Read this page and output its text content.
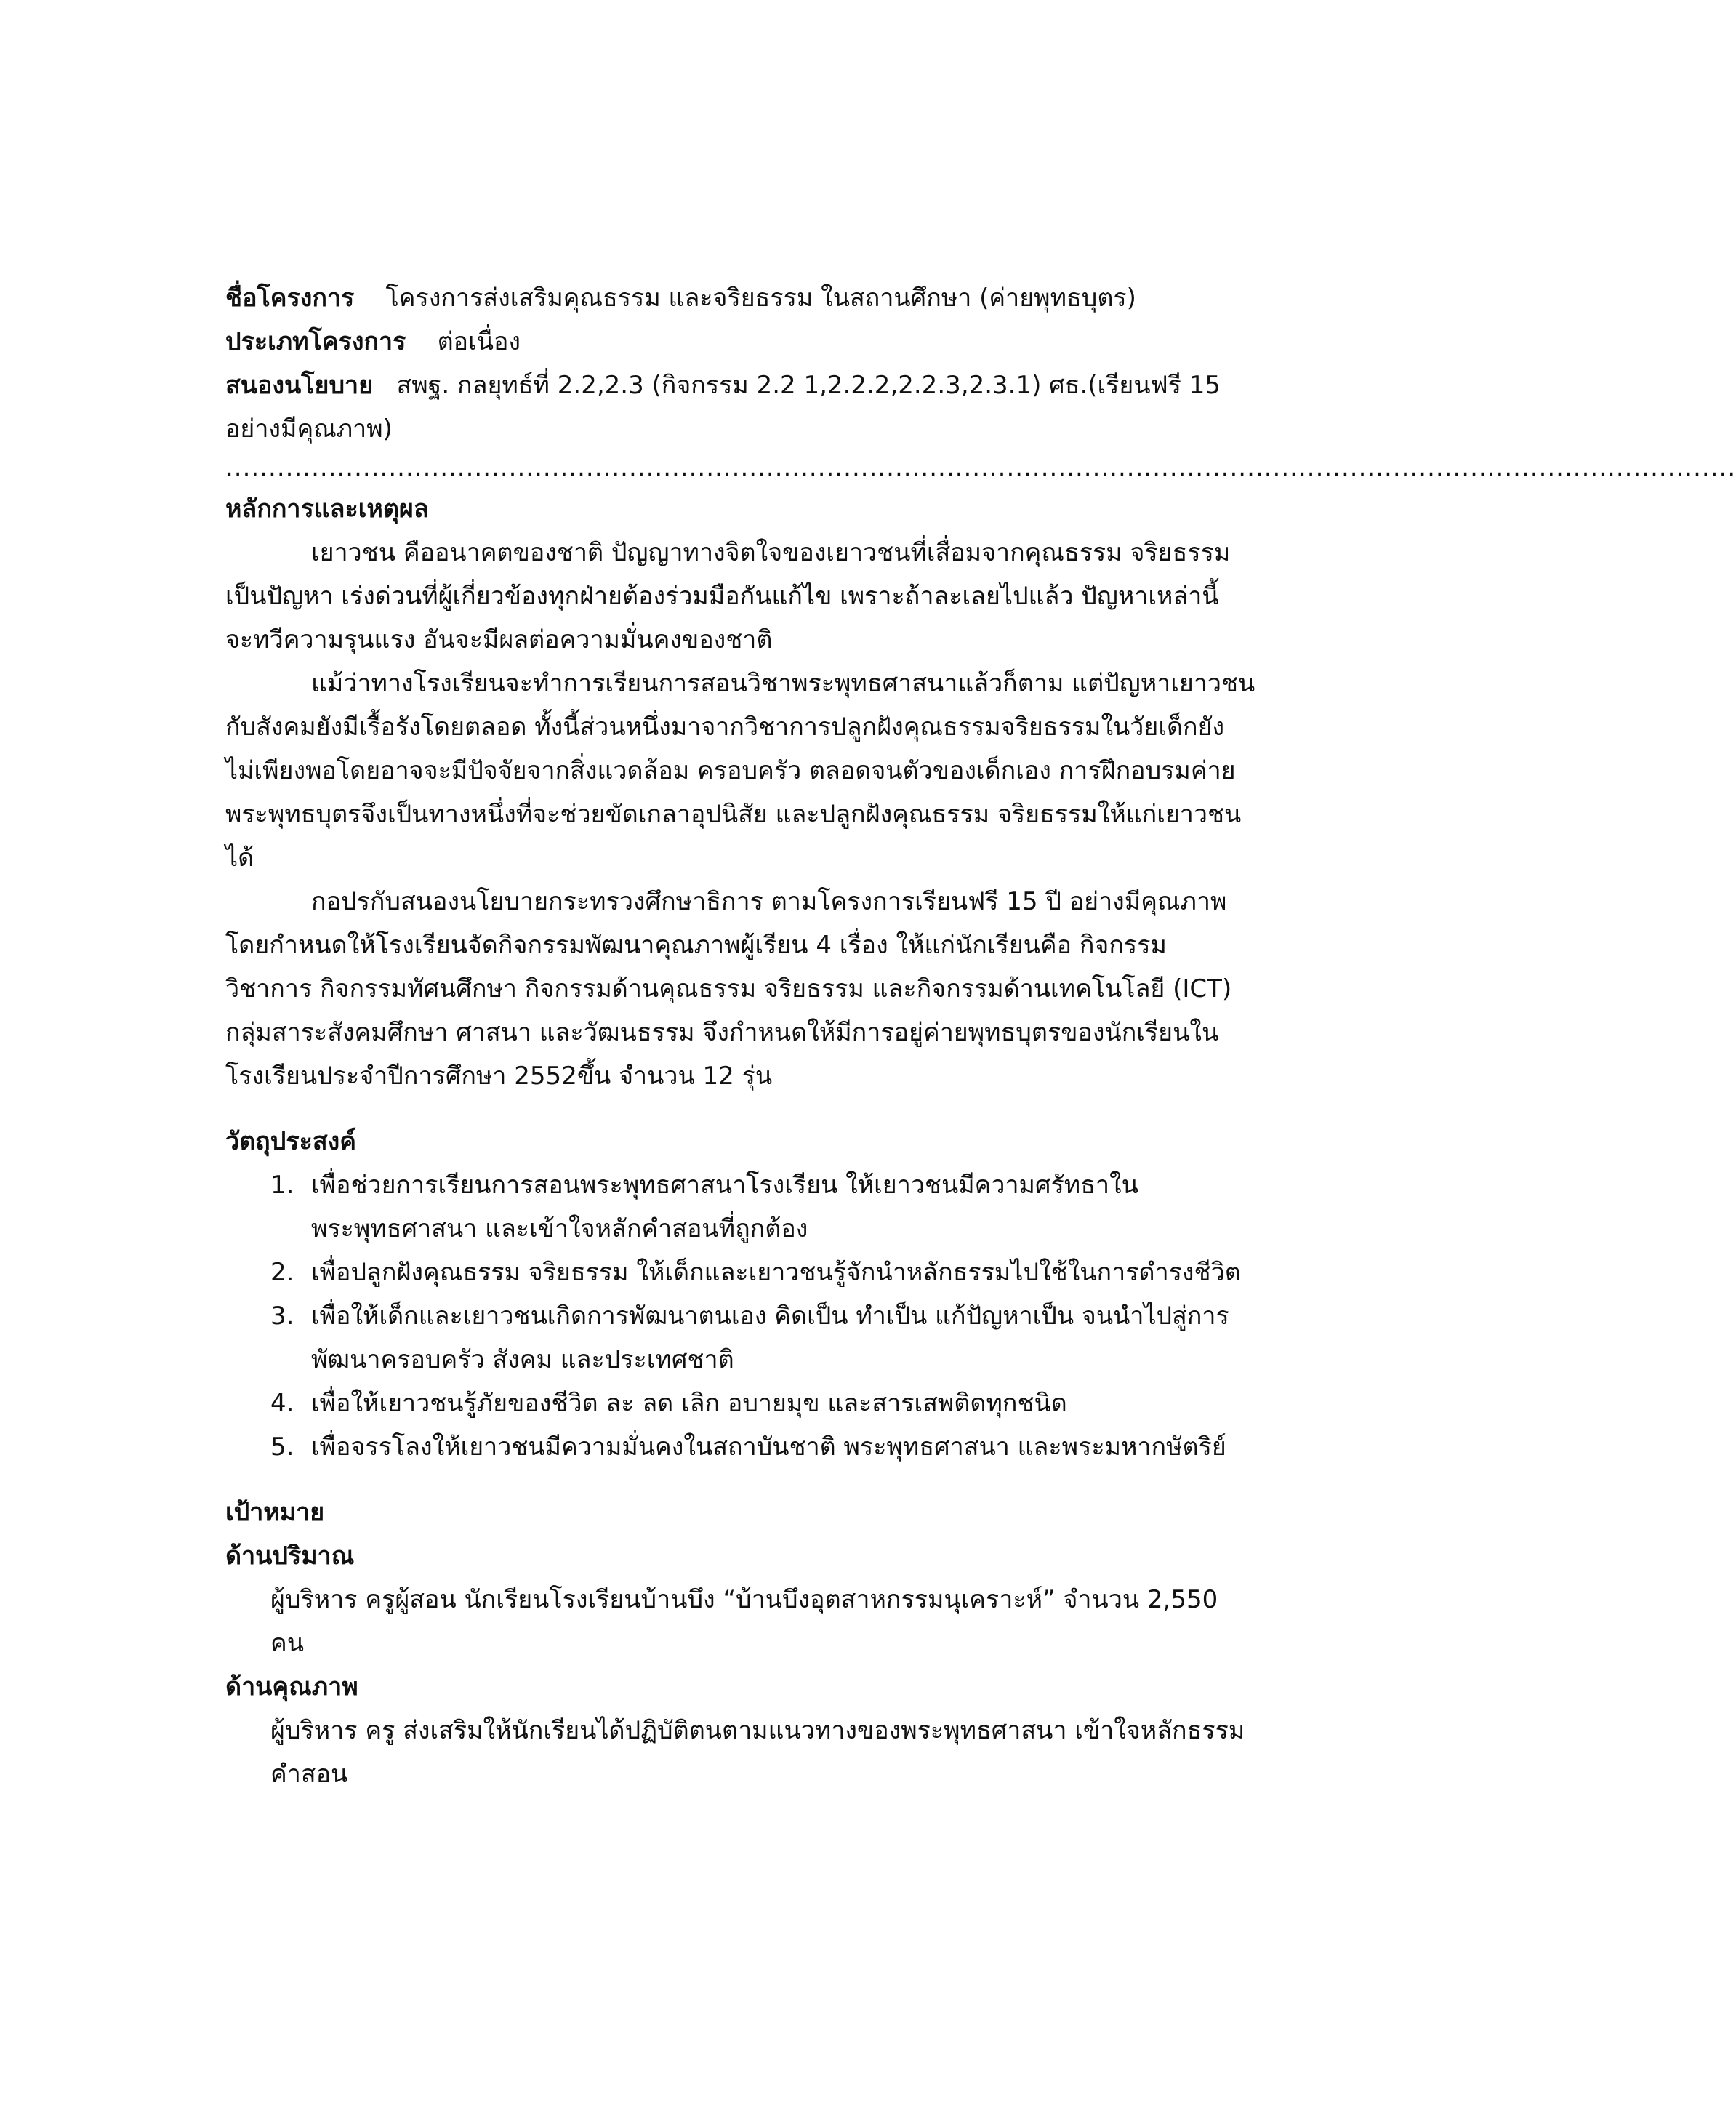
ชื่อโครงการ โครงการส่งเสริมคุณธรรม และจริยธรรม ในสถานศึกษา (ค่ายพุทธบุตร)
ประเภทโครงการ ต่อเนื่อง
สนองนโยบาย สพฐ. กลยุทธ์ที่ 2.2,2.3 (กิจกรรม 2.2 1,2.2.2,2.2.3,2.3.1) ศธ.(เรียนฟรี 15
อย่างมีคุณภาพ)
................................................................................................................................................................................
หลักการและเหตุผล
เยาวชน คืออนาคตของชาติ ปัญญาทางจิตใจของเยาวชนที่เสื่อมจากคุณธรรม จริยธรรม
เป็นปัญหา เร่งด่วนที่ผู้เกี่ยวข้องทุกฝ่ายต้องร่วมมือกันแก้ไข เพราะถ้าละเลยไปแล้ว ปัญหาเหล่านี้
จะทวีความรุนแรง อันจะมีผลต่อความมั่นคงของชาติ
แม้ว่าทางโรงเรียนจะทำการเรียนการสอนวิชาพระพุทธศาสนาแล้วก็ตาม แต่ปัญหาเยาวชน
กับสังคมยังมีเรื้อรังโดยตลอด ทั้งนี้ส่วนหนึ่งมาจากวิชาการปลูกฝังคุณธรรมจริยธรรมในวัยเด็กยัง
ไม่เพียงพอโดยอาจจะมีปัจจัยจากสิ่งแวดล้อม ครอบครัว ตลอดจนตัวของเด็กเอง การฝึกอบรมค่าย
พระพุทธบุตรจึงเป็นทางหนึ่งที่จะช่วยขัดเกลาอุปนิสัย และปลูกฝังคุณธรรม จริยธรรมให้แก่เยาวชน
ได้
กอปรกับสนองนโยบายกระทรวงศึกษาธิการ ตามโครงการเรียนฟรี 15 ปี อย่างมีคุณภาพ
โดยกำหนดให้โรงเรียนจัดกิจกรรมพัฒนาคุณภาพผู้เรียน 4 เรื่อง ให้แก่นักเรียนคือ กิจกรรม
วิชาการ กิจกรรมทัศนศึกษา กิจกรรมด้านคุณธรรม จริยธรรม และกิจกรรมด้านเทคโนโลยี (ICT)
กลุ่มสาระสังคมศึกษา ศาสนา และวัฒนธรรม จึงกำหนดให้มีการอยู่ค่ายพุทธบุตรของนักเรียนใน
โรงเรียนประจำปีการศึกษา 2552ขึ้น จำนวน 12 รุ่น
วัตถุประสงค์
1. เพื่อช่วยการเรียนการสอนพระพุทธศาสนาโรงเรียน ให้เยาวชนมีความศรัทธาใน
พระพุทธศาสนา และเข้าใจหลักคำสอนที่ถูกต้อง
2. เพื่อปลูกฝังคุณธรรม จริยธรรม ให้เด็กและเยาวชนรู้จักนำหลักธรรมไปใช้ในการดำรงชีวิต
3. เพื่อให้เด็กและเยาวชนเกิดการพัฒนาตนเอง คิดเป็น ทำเป็น แก้ปัญหาเป็น จนนำไปสู่การ
พัฒนาครอบครัว สังคม และประเทศชาติ
4. เพื่อให้เยาวชนรู้ภัยของชีวิต ละ ลด เลิก อบายมุข และสารเสพติดทุกชนิด
5. เพื่อจรรโลงให้เยาวชนมีความมั่นคงในสถาบันชาติ พระพุทธศาสนา และพระมหากษัตริย์
เป้าหมาย
ด้านปริมาณ
ผู้บริหาร ครูผู้สอน นักเรียนโรงเรียนบ้านบึง “บ้านบึงอุตสาหกรรมนุเคราะห์” จำนวน 2,550
คน
ด้านคุณภาพ
ผู้บริหาร ครู ส่งเสริมให้นักเรียนได้ปฏิบัติตนตามแนวทางของพระพุทธศาสนา เข้าใจหลักธรรม
คำสอน
